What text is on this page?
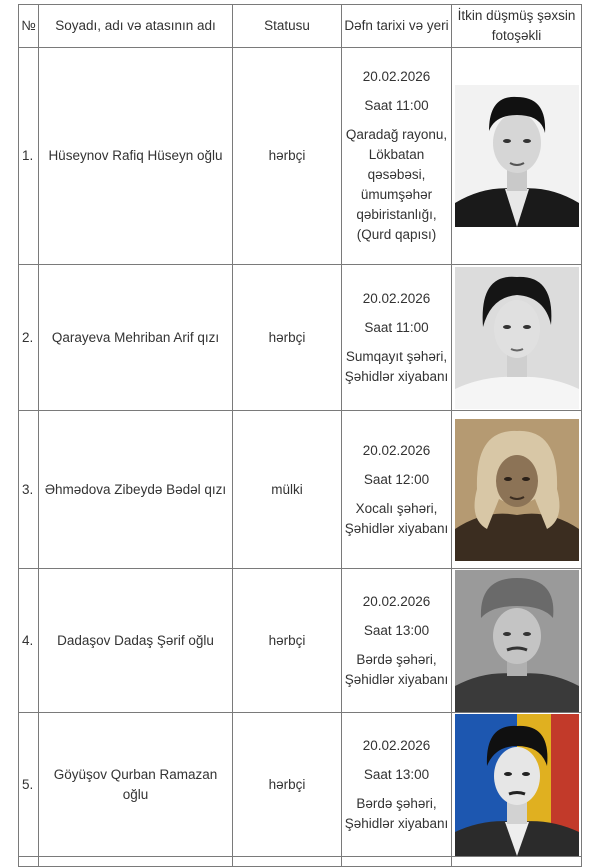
№	Soyadı, adı və atasının adı	Statusu	Dəfn tarixi və yeri	İtkin düşmüş şəxsin fotoşəkli
1.	Hüseynov Rafiq Hüseyn oğlu	hərbçi	20.02.2026
Saat 11:00
Qaradağ rayonu, Lökbatan qəsəbəsi, ümumşəhər qəbiristanlığı, (Qurd qapısı)

2.	Qarayeva Mehriban Arif qızı	hərbçi	20.02.2026
Saat 11:00
Sumqayıt şəhəri, Şəhidlər xiyabanı

3.	Əhmədova Zibeydə Bədəl qızı	mülki	20.02.2026
Saat 12:00
Xocalı şəhəri, Şəhidlər xiyabanı

4.	Dadaşov Dadaş Şərif oğlu	hərbçi	20.02.2026
Saat 13:00
Bərdə şəhəri, Şəhidlər xiyabanı

5.	Göyüşov Qurban Ramazan oğlu	hərbçi	20.02.2026
Saat 13:00
Bərdə şəhəri, Şəhidlər xiyabanı
